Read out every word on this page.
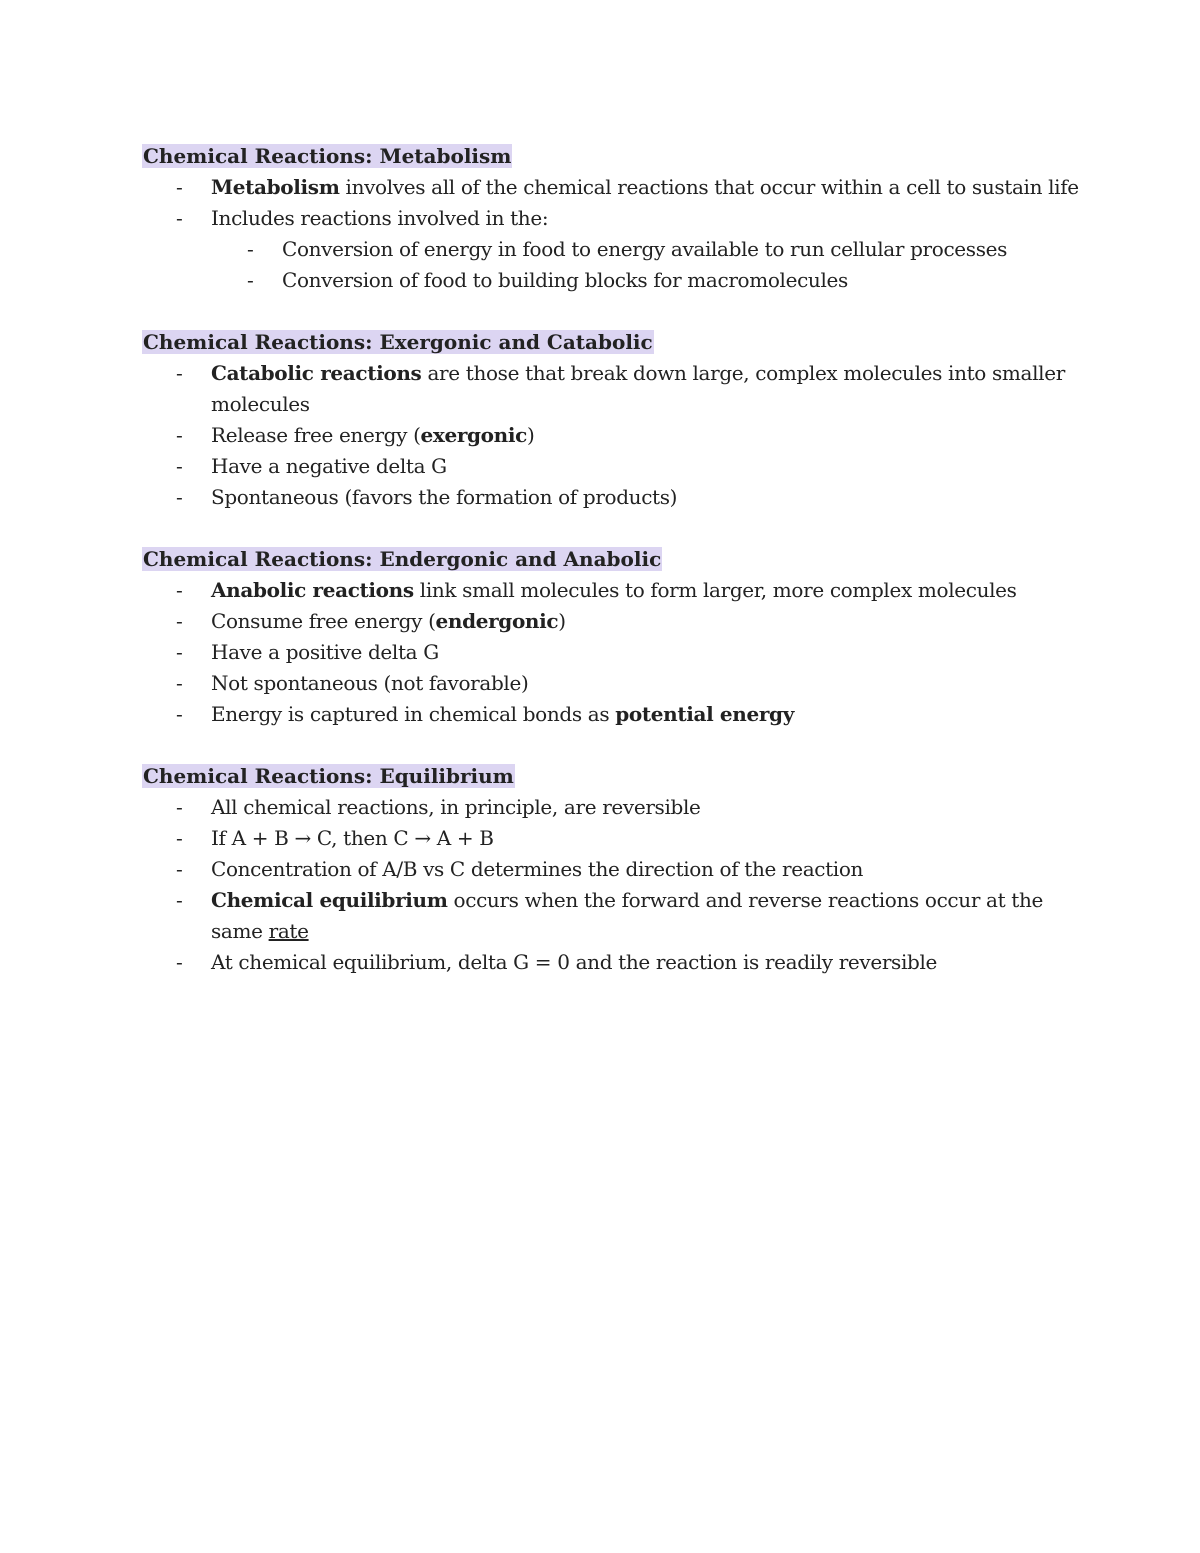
Chemical Reactions: Metabolism
- Metabolism involves all of the chemical reactions that occur within a cell to sustain life
- Includes reactions involved in the:
- Conversion of energy in food to energy available to run cellular processes
- Conversion of food to building blocks for macromolecules
Chemical Reactions: Exergonic and Catabolic
- Catabolic reactions are those that break down large, complex molecules into smaller molecules
- Release free energy (exergonic)
- Have a negative delta G
- Spontaneous (favors the formation of products)
Chemical Reactions: Endergonic and Anabolic
- Anabolic reactions link small molecules to form larger, more complex molecules
- Consume free energy (endergonic)
- Have a positive delta G
- Not spontaneous (not favorable)
- Energy is captured in chemical bonds as potential energy
Chemical Reactions: Equilibrium
- All chemical reactions, in principle, are reversible
- If A + B → C, then C → A + B
- Concentration of A/B vs C determines the direction of the reaction
- Chemical equilibrium occurs when the forward and reverse reactions occur at the same rate
- At chemical equilibrium, delta G = 0 and the reaction is readily reversible
